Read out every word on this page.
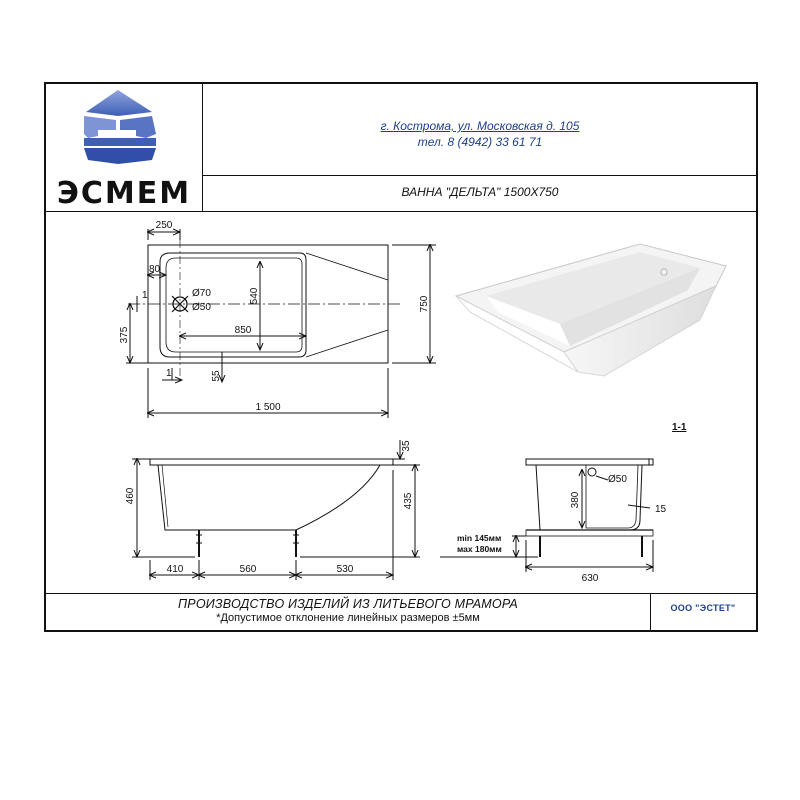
ЭСМЕМ
г. Кострома, ул. Московская д. 105
тел. 8 (4942) 33 61 71
ВАННА "ДЕЛЬТА" 1500Х750
250
80
1	Ø70
Ø50
540
850
375
1	55
750
1 500
460	435
35
410	560	530
1-1
Ø50
380
15
min 145мм
мах 180мм
630
ПРОИЗВОДСТВО ИЗДЕЛИЙ ИЗ ЛИТЬЕВОГО МРАМОРА
*Допустимое отклонение линейных размеров ±5мм
ООО "ЭСТЕТ"
